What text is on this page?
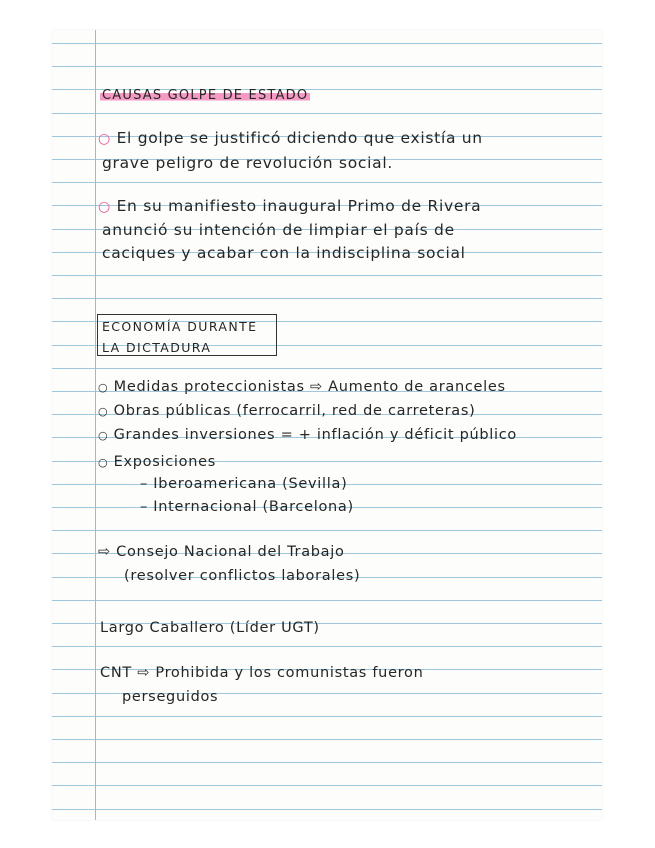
CAUSAS GOLPE DE ESTADO
○ El golpe se justificó diciendo que existía un
grave peligro de revolución social.
○ En su manifiesto inaugural Primo de Rivera
anunció su intención de limpiar el país de
caciques y acabar con la indisciplina social
ECONOMÍA DURANTE
LA DICTADURA
○ Medidas proteccionistas ⇨ Aumento de aranceles
○ Obras públicas (ferrocarril, red de carreteras)
○ Grandes inversiones = + inflación y déficit público
○ Exposiciones
– Iberoamericana (Sevilla)
– Internacional (Barcelona)
⇨ Consejo Nacional del Trabajo
(resolver conflictos laborales)
Largo Caballero (Líder UGT)
CNT ⇨ Prohibida y los comunistas fueron
perseguidos
